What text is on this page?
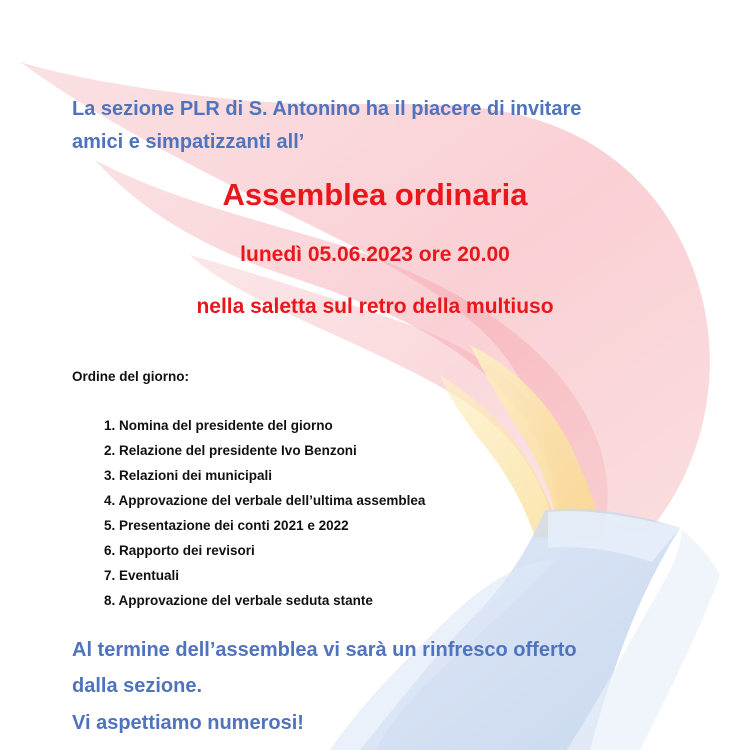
La sezione PLR di S. Antonino ha il piacere di invitare
amici e simpatizzanti all’

Assemblea ordinaria

lunedì 05.06.2023 ore 20.00

nella saletta sul retro della multiuso

Ordine del giorno:

1. Nomina del presidente del giorno
2. Relazione del presidente Ivo Benzoni
3. Relazioni dei municipali
4. Approvazione del verbale dell’ultima assemblea
5. Presentazione dei conti 2021 e 2022
6. Rapporto dei revisori
7. Eventuali
8. Approvazione del verbale seduta stante

Al termine dell’assemblea vi sarà un rinfresco offerto
dalla sezione.

Vi aspettiamo numerosi!
